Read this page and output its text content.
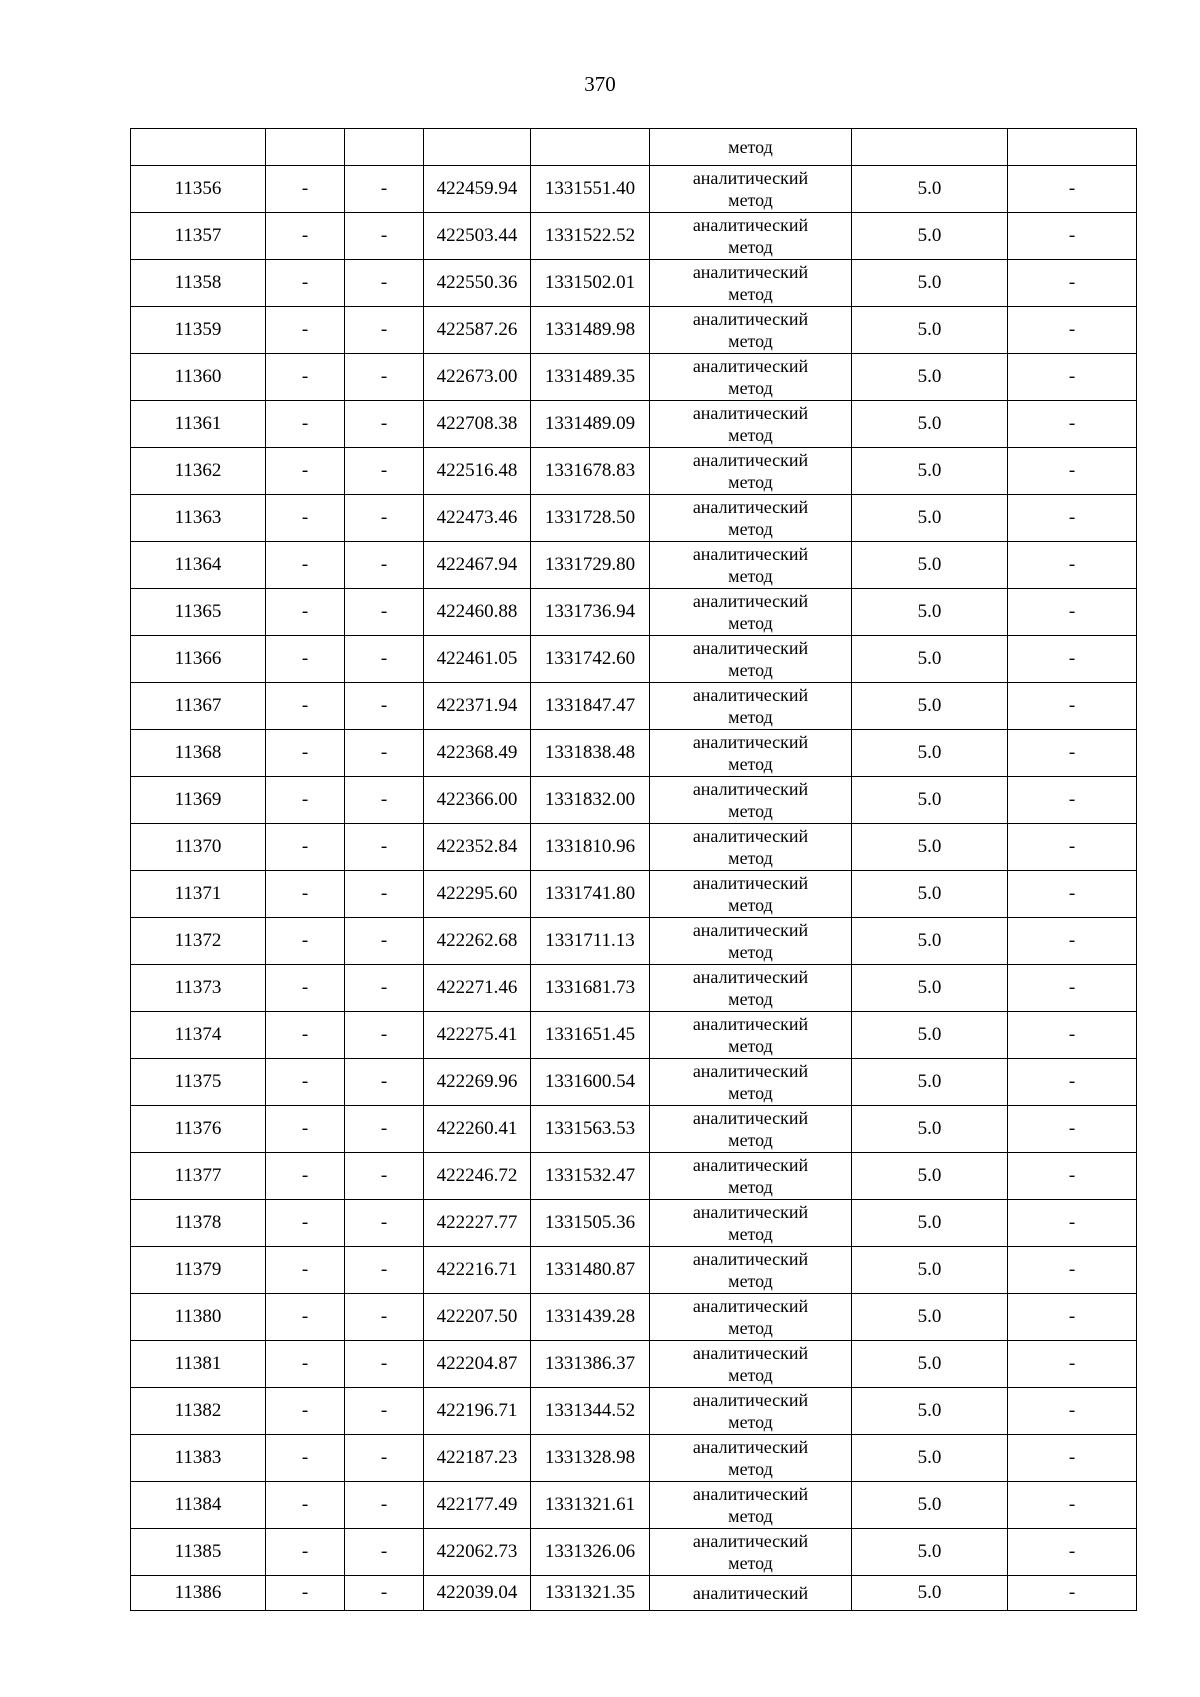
370

					метод		

11356	-	-	422459.94	1331551.40	аналитический
метод	5.0	-
11357	-	-	422503.44	1331522.52	аналитический
метод	5.0	-
11358	-	-	422550.36	1331502.01	аналитический
метод	5.0	-
11359	-	-	422587.26	1331489.98	аналитический
метод	5.0	-
11360	-	-	422673.00	1331489.35	аналитический
метод	5.0	-
11361	-	-	422708.38	1331489.09	аналитический
метод	5.0	-
11362	-	-	422516.48	1331678.83	аналитический
метод	5.0	-
11363	-	-	422473.46	1331728.50	аналитический
метод	5.0	-
11364	-	-	422467.94	1331729.80	аналитический
метод	5.0	-
11365	-	-	422460.88	1331736.94	аналитический
метод	5.0	-
11366	-	-	422461.05	1331742.60	аналитический
метод	5.0	-
11367	-	-	422371.94	1331847.47	аналитический
метод	5.0	-
11368	-	-	422368.49	1331838.48	аналитический
метод	5.0	-
11369	-	-	422366.00	1331832.00	аналитический
метод	5.0	-
11370	-	-	422352.84	1331810.96	аналитический
метод	5.0	-
11371	-	-	422295.60	1331741.80	аналитический
метод	5.0	-
11372	-	-	422262.68	1331711.13	аналитический
метод	5.0	-
11373	-	-	422271.46	1331681.73	аналитический
метод	5.0	-
11374	-	-	422275.41	1331651.45	аналитический
метод	5.0	-
11375	-	-	422269.96	1331600.54	аналитический
метод	5.0	-
11376	-	-	422260.41	1331563.53	аналитический
метод	5.0	-
11377	-	-	422246.72	1331532.47	аналитический
метод	5.0	-
11378	-	-	422227.77	1331505.36	аналитический
метод	5.0	-
11379	-	-	422216.71	1331480.87	аналитический
метод	5.0	-
11380	-	-	422207.50	1331439.28	аналитический
метод	5.0	-
11381	-	-	422204.87	1331386.37	аналитический
метод	5.0	-
11382	-	-	422196.71	1331344.52	аналитический
метод	5.0	-
11383	-	-	422187.23	1331328.98	аналитический
метод	5.0	-
11384	-	-	422177.49	1331321.61	аналитический
метод	5.0	-
11385	-	-	422062.73	1331326.06	аналитический
метод	5.0	-
11386	-	-	422039.04	1331321.35	аналитический	5.0	-
